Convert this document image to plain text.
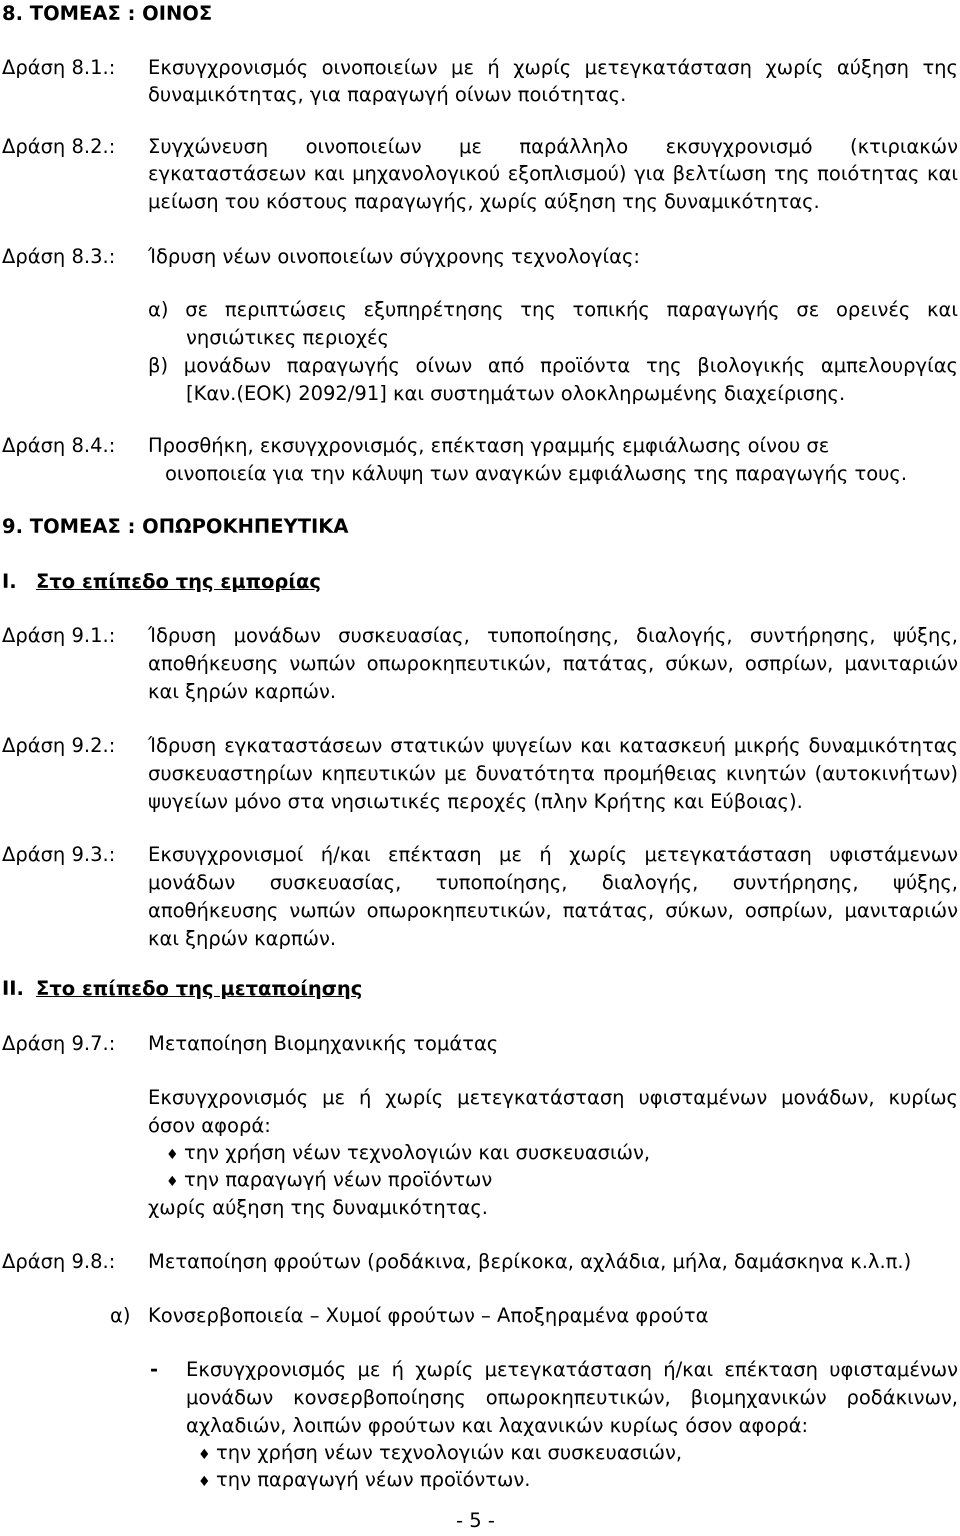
8. ΤΟΜΕΑΣ : ΟΙΝΟΣ
Δράση 8.1.: Εκσυγχρονισμός οινοποιείων με ή χωρίς μετεγκατάσταση χωρίς αύξηση της
δυναμικότητας, για παραγωγή οίνων ποιότητας.
Δράση 8.2.: Συγχώνευση οινοποιείων με παράλληλο εκσυγχρονισμό (κτιριακών
εγκαταστάσεων και μηχανολογικού εξοπλισμού) για βελτίωση της ποιότητας και
μείωση του κόστους παραγωγής, χωρίς αύξηση της δυναμικότητας.
Δράση 8.3.: Ίδρυση νέων οινοποιείων σύγχρονης τεχνολογίας:
α) σε περιπτώσεις εξυπηρέτησης της τοπικής παραγωγής σε ορεινές και
νησιώτικες περιοχές
β) μονάδων παραγωγής οίνων από προϊόντα της βιολογικής αμπελουργίας
[Καν.(ΕΟΚ) 2092/91] και συστημάτων ολοκληρωμένης διαχείρισης.
Δράση 8.4.: Προσθήκη, εκσυγχρονισμός, επέκταση γραμμής εμφιάλωσης οίνου σε
οινοποιεία για την κάλυψη των αναγκών εμφιάλωσης της παραγωγής τους.
9. ΤΟΜΕΑΣ : ΟΠΩΡΟΚΗΠΕΥΤΙΚΑ
Ι. Στο επίπεδο της εμπορίας
Δράση 9.1.: Ίδρυση μονάδων συσκευασίας, τυποποίησης, διαλογής, συντήρησης, ψύξης,
αποθήκευσης νωπών οπωροκηπευτικών, πατάτας, σύκων, οσπρίων, μανιταριών
και ξηρών καρπών.
Δράση 9.2.: Ίδρυση εγκαταστάσεων στατικών ψυγείων και κατασκευή μικρής δυναμικότητας
συσκευαστηρίων κηπευτικών με δυνατότητα προμήθειας κινητών (αυτοκινήτων)
ψυγείων μόνο στα νησιωτικές περοχές (πλην Κρήτης και Εύβοιας).
Δράση 9.3.: Εκσυγχρονισμοί ή/και επέκταση με ή χωρίς μετεγκατάσταση υφιστάμενων
μονάδων συσκευασίας, τυποποίησης, διαλογής, συντήρησης, ψύξης,
αποθήκευσης νωπών οπωροκηπευτικών, πατάτας, σύκων, οσπρίων, μανιταριών
και ξηρών καρπών.
ΙΙ. Στο επίπεδο της μεταποίησης
Δράση 9.7.: Μεταποίηση Βιομηχανικής τομάτας
Εκσυγχρονισμός με ή χωρίς μετεγκατάσταση υφισταμένων μονάδων, κυρίως
όσον αφορά:
♦ την χρήση νέων τεχνολογιών και συσκευασιών,
♦ την παραγωγή νέων προϊόντων
χωρίς αύξηση της δυναμικότητας.
Δράση 9.8.: Μεταποίηση φρούτων (ροδάκινα, βερίκοκα, αχλάδια, μήλα, δαμάσκηνα κ.λ.π.)
α) Κονσερβοποιεία – Χυμοί φρούτων – Αποξηραμένα φρούτα
- Εκσυγχρονισμός με ή χωρίς μετεγκατάσταση ή/και επέκταση υφισταμένων
μονάδων κονσερβοποίησης οπωροκηπευτικών, βιομηχανικών ροδάκινων,
αχλαδιών, λοιπών φρούτων και λαχανικών κυρίως όσον αφορά:
♦ την χρήση νέων τεχνολογιών και συσκευασιών,
♦ την παραγωγή νέων προϊόντων.
- 5 -
